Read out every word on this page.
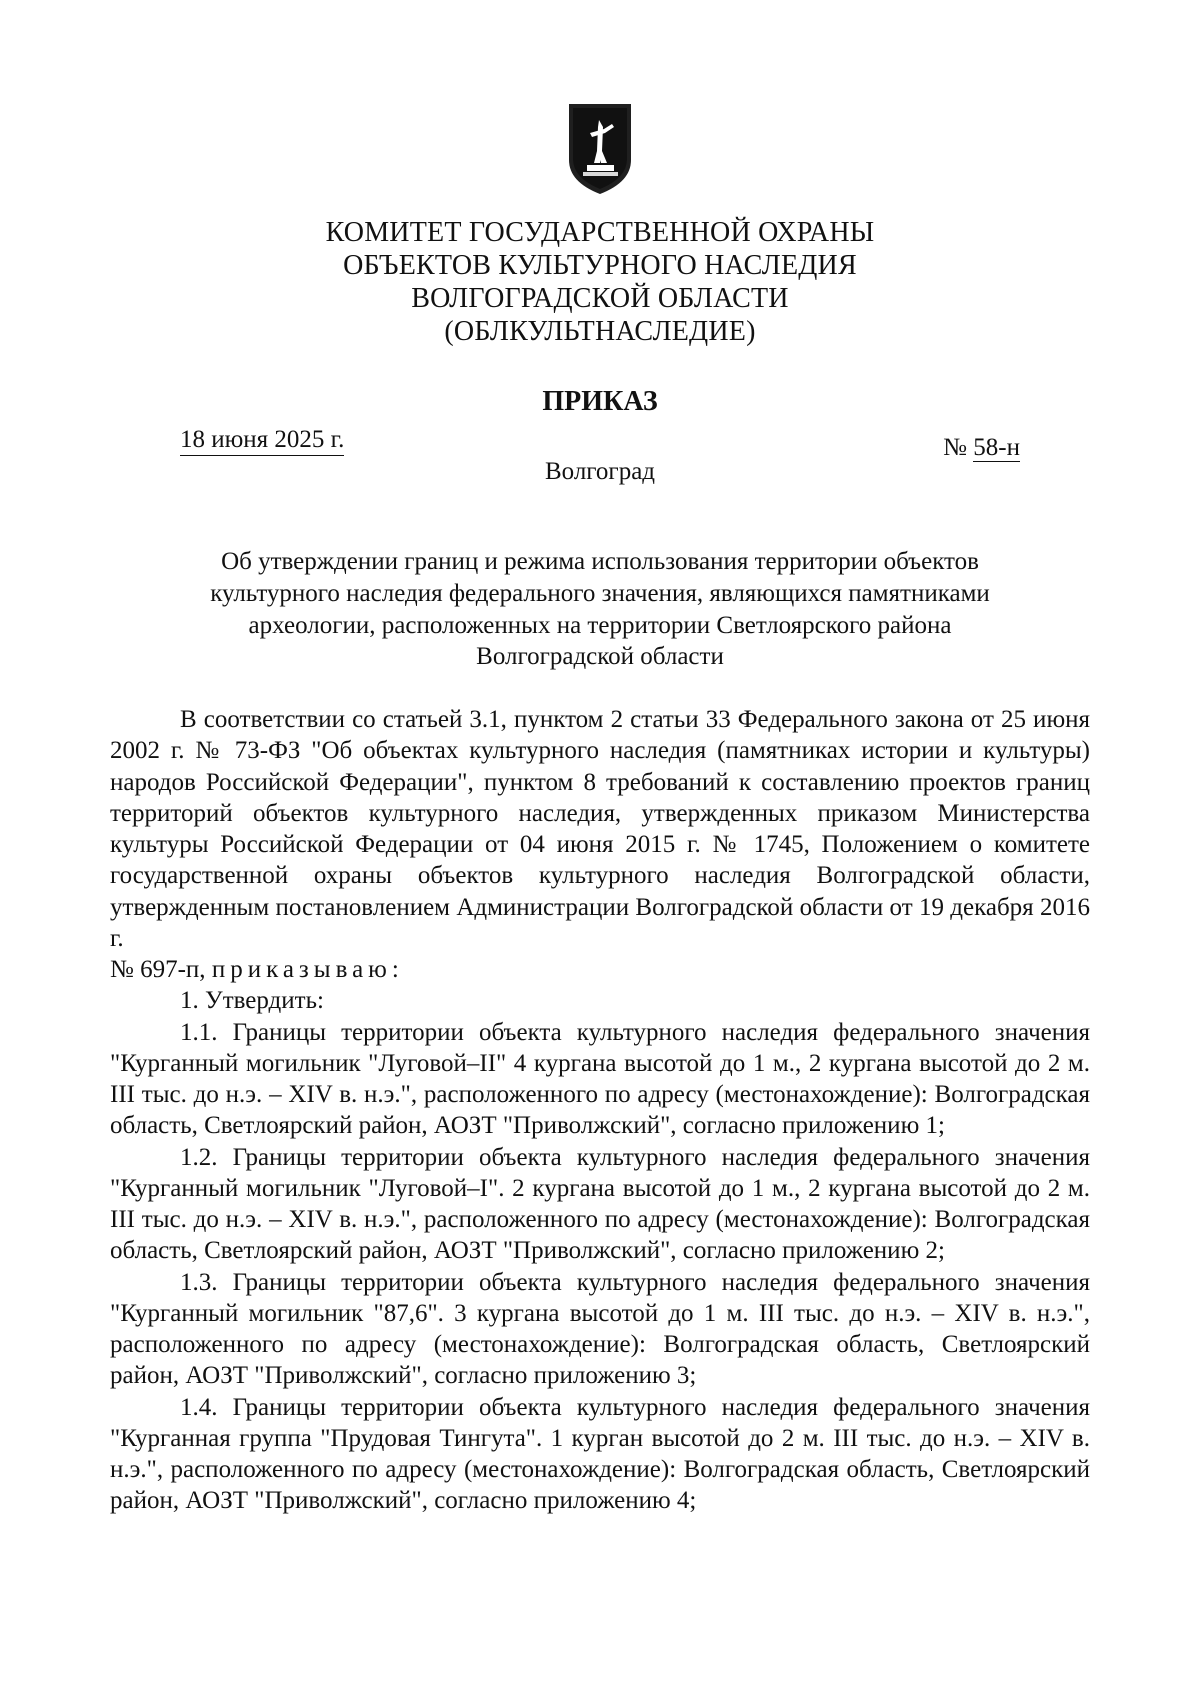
КОМИТЕТ ГОСУДАРСТВЕННОЙ ОХРАНЫ
ОБЪЕКТОВ КУЛЬТУРНОГО НАСЛЕДИЯ
ВОЛГОГРАДСКОЙ ОБЛАСТИ
(ОБЛКУЛЬТНАСЛЕДИЕ)
ПРИКАЗ
18 июня 2025 г.
Волгоград
№ 58-н
Об утверждении границ и режима использования территории объектов
культурного наследия федерального значения, являющихся памятниками
археологии, расположенных на территории Светлоярского района
Волгоградской области

В соответствии со статьей 3.1, пунктом 2 статьи 33 Федерального закона от 25 июня 2002 г. № 73-ФЗ "Об объектах культурного наследия (памятниках истории и культуры) народов Российской Федерации", пунктом 8 требований к составлению проектов границ территорий объектов культурного наследия, утвержденных приказом Министерства культуры Российской Федерации от 04 июня 2015 г. № 1745, Положением о комитете государственной охраны объектов культурного наследия Волгоградской области, утвержденным постановлением Администрации Волгоградской области от 19 декабря 2016 г.

№ 697-п, приказываю:

1. Утвердить:

1.1. Границы территории объекта культурного наследия федерального значения "Курганный могильник "Луговой–II" 4 кургана высотой до 1 м., 2 кургана высотой до 2 м. III тыс. до н.э. – XIV в. н.э.", расположенного по адресу (местонахождение): Волгоградская область, Светлоярский район, АОЗТ "Приволжский", согласно приложению 1;

1.2. Границы территории объекта культурного наследия федерального значения "Курганный могильник "Луговой–I". 2 кургана высотой до 1 м., 2 кургана высотой до 2 м. III тыс. до н.э. – XIV в. н.э.", расположенного по адресу (местонахождение): Волгоградская область, Светлоярский район, АОЗТ "Приволжский", согласно приложению 2;

1.3. Границы территории объекта культурного наследия федерального значения "Курганный могильник "87,6". 3 кургана высотой до 1 м. III тыс. до н.э. – XIV в. н.э.", расположенного по адресу (местонахождение): Волгоградская область, Светлоярский район, АОЗТ "Приволжский", согласно приложению 3;

1.4. Границы территории объекта культурного наследия федерального значения "Курганная группа "Прудовая Тингута". 1 курган высотой до 2 м. III тыс. до н.э. – XIV в. н.э.", расположенного по адресу (местонахождение): Волгоградская область, Светлоярский район, АОЗТ "Приволжский", согласно приложению 4;
